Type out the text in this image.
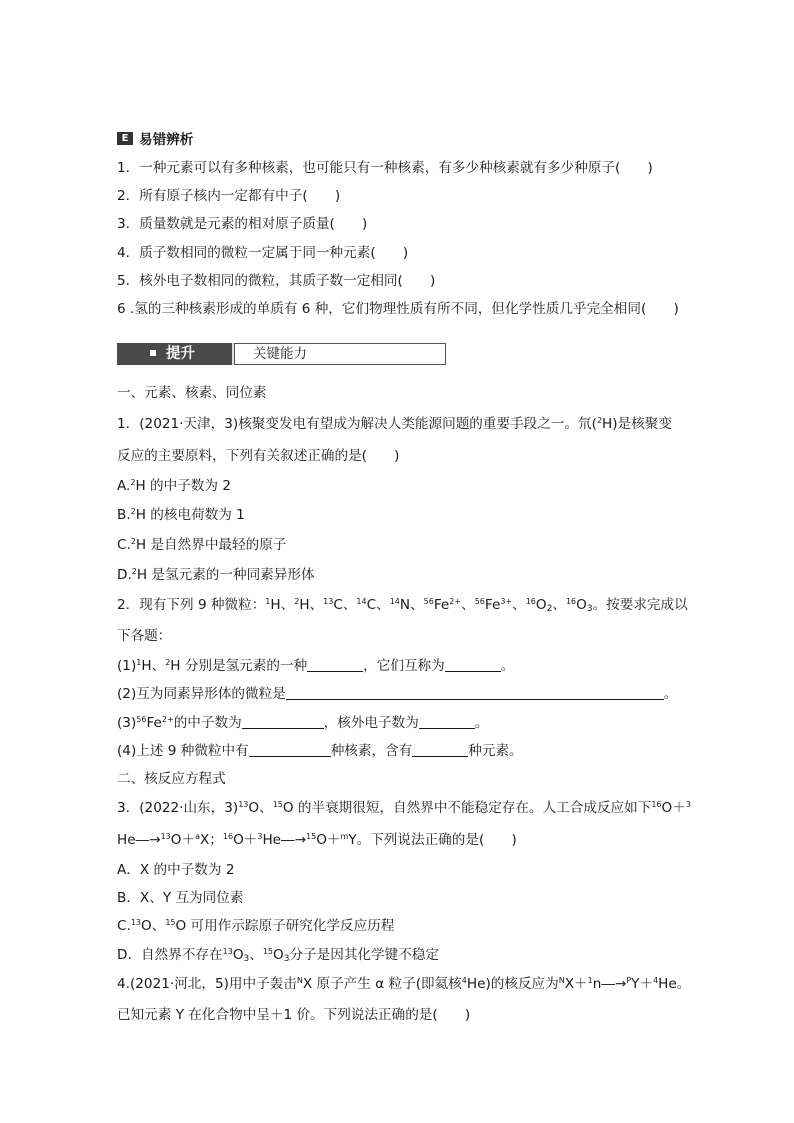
E 易错辨析
1．一种元素可以有多种核素，也可能只有一种核素，有多少种核素就有多少种原子(　　)
2．所有原子核内一定都有中子(　　)
3．质量数就是元素的相对原子质量(　　)
4．质子数相同的微粒一定属于同一种元素(　　)
5．核外电子数相同的微粒，其质子数一定相同(　　)
6 .氢的三种核素形成的单质有 6 种，它们物理性质有所不同，但化学性质几乎完全相同(　　)
提升	关键能力
一、元素、核素、同位素
1．(2021·天津，3)核聚变发电有望成为解决人类能源问题的重要手段之一。氘($^2$H)是核聚变
反应的主要原料，下列有关叙述正确的是(　　)
A.$^2$H 的中子数为 2
B.$^2$H 的核电荷数为 1
C.$^2$H 是自然界中最轻的原子
D.$^2$H 是氢元素的一种同素异形体
2．现有下列 9 种微粒：$^1$H、$^2$H、$^{13}$C、$^{14}$C、$^{14}$N、$^{56}Fe^{2+}$、$^{56}Fe^{3+}$、$^{16}O_2$、$^{16}O_3$。按要求完成以
下各题：
$(1)^1H$、$^2$H 分别是氢元素的一种	，它们互称为	。
(2)互为同素异形体的微粒是	。
$(3)^{56}Fe^{2+}$的中子数为	，核外电子数为	。
(4)上述 9 种微粒中有	种核素，含有	种元素。
二、核反应方程式
3．(2022·山东，3)$^{13}$O、$^{15}$O 的半衰期很短，自然界中不能稳定存在。人工合成反应如下$^{16}$O＋$^3$
He―→$^{13}$O＋$^a$X；$^{16}$O＋$^3$He―→$^{15}$O＋$^m$Y。下列说法正确的是(　　)
A．X 的中子数为 2
B．X、Y 互为同位素
C.$^{13}$O、$^{15}$O 可用作示踪原子研究化学反应历程
D．自然界不存在$^{13}O_3$、$^{15}O_3$分子是因其化学键不稳定
4.(2021·河北，5)用中子轰击$^N$X 原子产生 α 粒子(即氦核$^4$He)的核反应为$^N$X＋$^1$n―→$^P$Y＋$^4$He。
已知元素 Y 在化合物中呈＋1 价。下列说法正确的是(　　)
